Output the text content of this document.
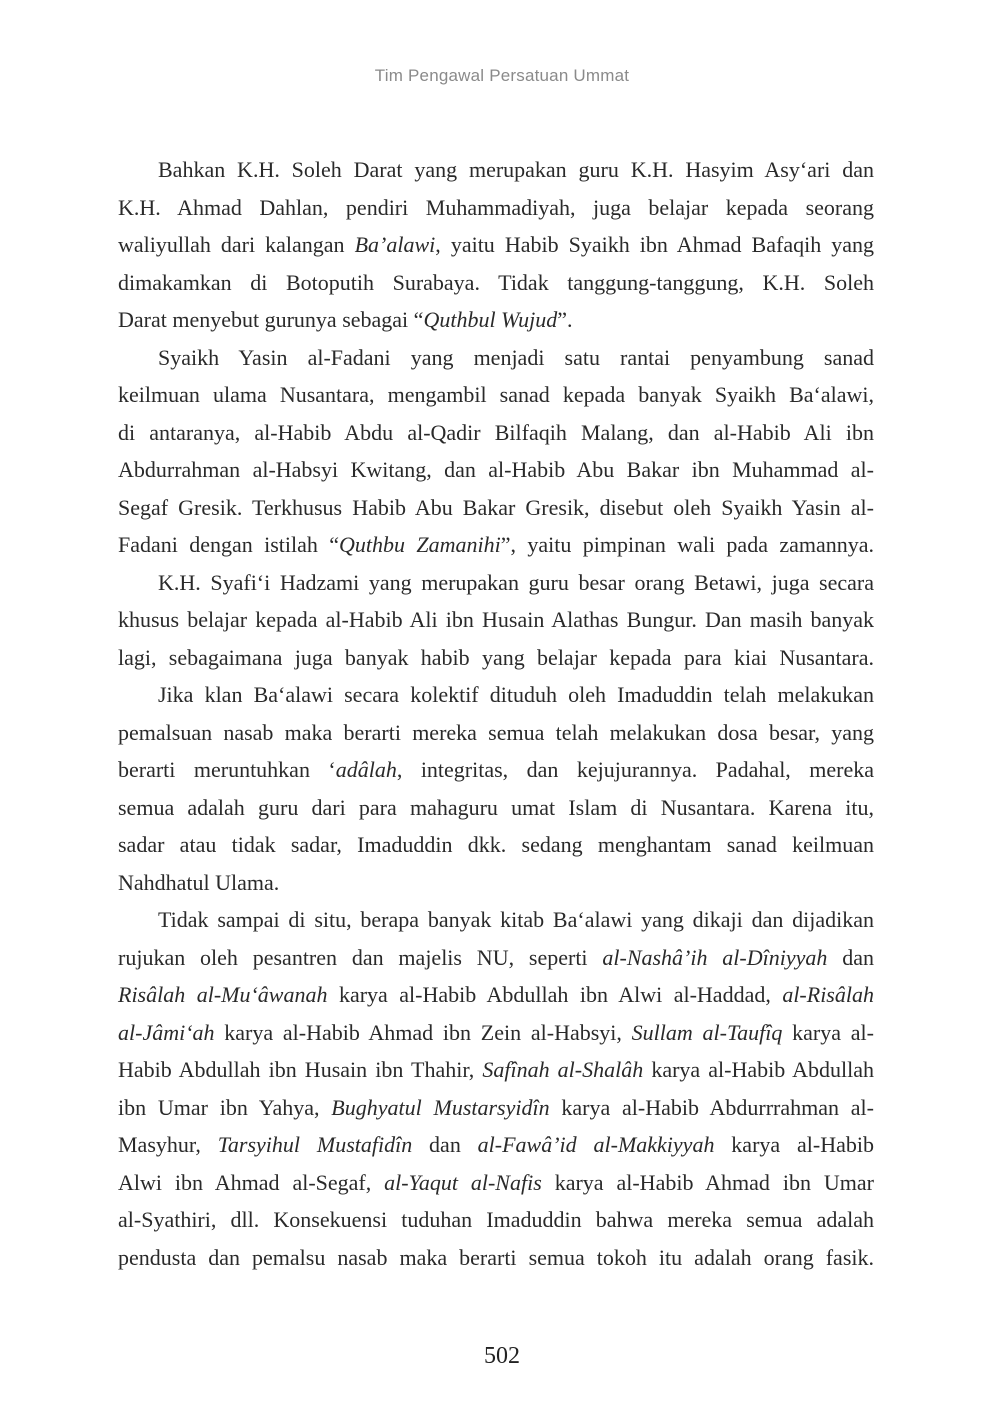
Tim Pengawal Persatuan Ummat
Bahkan K.H. Soleh Darat yang merupakan guru K.H. Hasyim Asy‘ari dan
K.H. Ahmad Dahlan, pendiri Muhammadiyah, juga belajar kepada seorang
waliyullah dari kalangan Ba’alawi, yaitu Habib Syaikh ibn Ahmad Bafaqih yang
dimakamkan di Botoputih Surabaya. Tidak tanggung-tanggung, K.H. Soleh
Darat menyebut gurunya sebagai “Quthbul Wujud”.
Syaikh Yasin al-Fadani yang menjadi satu rantai penyambung sanad
keilmuan ulama Nusantara, mengambil sanad kepada banyak Syaikh Ba‘alawi,
di antaranya, al-Habib Abdu al-Qadir Bilfaqih Malang, dan al-Habib Ali ibn
Abdurrahman al-Habsyi Kwitang, dan al-Habib Abu Bakar ibn Muhammad al-
Segaf Gresik. Terkhusus Habib Abu Bakar Gresik, disebut oleh Syaikh Yasin al-
Fadani dengan istilah “Quthbu Zamanihi”, yaitu pimpinan wali pada zamannya.
K.H. Syafi‘i Hadzami yang merupakan guru besar orang Betawi, juga secara
khusus belajar kepada al-Habib Ali ibn Husain Alathas Bungur. Dan masih banyak
lagi, sebagaimana juga banyak habib yang belajar kepada para kiai Nusantara.
Jika klan Ba‘alawi secara kolektif dituduh oleh Imaduddin telah melakukan
pemalsuan nasab maka berarti mereka semua telah melakukan dosa besar, yang
berarti meruntuhkan ‘adâlah, integritas, dan kejujurannya. Padahal, mereka
semua adalah guru dari para mahaguru umat Islam di Nusantara. Karena itu,
sadar atau tidak sadar, Imaduddin dkk. sedang menghantam sanad keilmuan
Nahdhatul Ulama.
Tidak sampai di situ, berapa banyak kitab Ba‘alawi yang dikaji dan dijadikan
rujukan oleh pesantren dan majelis NU, seperti al-Nashâ’ih al-Dîniyyah dan
Risâlah al-Mu‘âwanah karya al-Habib Abdullah ibn Alwi al-Haddad, al-Risâlah
al-Jâmi‘ah karya al-Habib Ahmad ibn Zein al-Habsyi, Sullam al-Taufîq karya al-
Habib Abdullah ibn Husain ibn Thahir, Safînah al-Shalâh karya al-Habib Abdullah
ibn Umar ibn Yahya, Bughyatul Mustarsyidîn karya al-Habib Abdurrrahman al-
Masyhur, Tarsyihul Mustafidîn dan al-Fawâ’id al-Makkiyyah karya al-Habib
Alwi ibn Ahmad al-Segaf, al-Yaqut al-Nafis karya al-Habib Ahmad ibn Umar
al-Syathiri, dll. Konsekuensi tuduhan Imaduddin bahwa mereka semua adalah
pendusta dan pemalsu nasab maka berarti semua tokoh itu adalah orang fasik.
502
